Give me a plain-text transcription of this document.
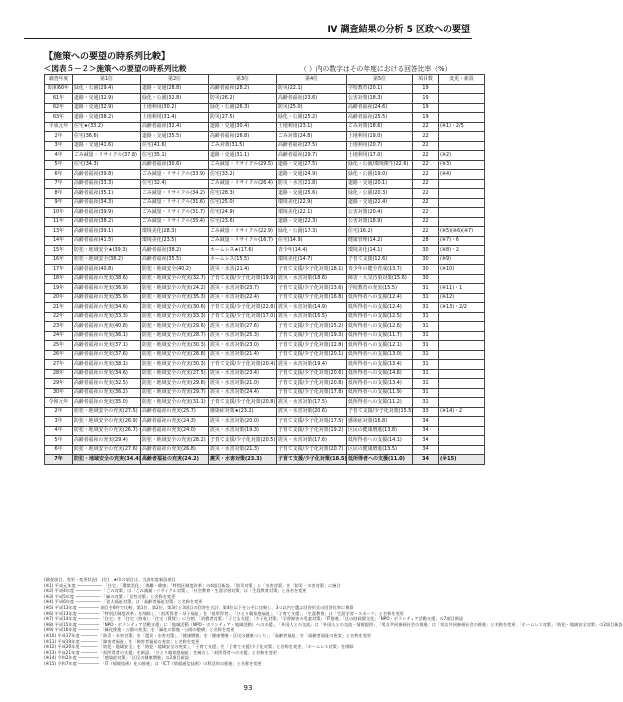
Ⅳ 調査結果の分析 5 区政への要望
【施策への要望の時系列比較】
＜図表５－２＞施策への要望の時系列比較	（ ）内の数字はその年度における回答比率（%）
調査年度	第1位	第2位	第3位	第4位	第5位	項目数	変更・新設
昭和60年	緑化・公園(29.4)	道路・交通(28.8)	高齢者福祉(28.2)	防災(22.1)	学校教育(20.1)	19	
61年	道路・交通(32.9)	緑化・公園(32.8)	防災(26.2)	高齢者福祉(23.6)	公害対策(18.3)	19	
62年	道路・交通(32.9)	土地利用(30.2)	緑化・公園(26.3)	防災(25.0)	高齢者福祉(24.6)	19	
63年	道路・交通(38.2)	土地利用(31.4)	防災(27.5)	緑化・公園(25.2)	高齢者福祉(25.5)	19	
平成元年	住宅★(33.2)	高齢者福祉(32.4)	道路・交通(30.4)	土地利用(23.1)	ごみ対策(18.6)	22	(※1)・2/5
2年	住宅(36.6)	道路・交通(35.5)	高齢者福祉(26.8)	ごみ対策(24.8)	土地利用(19.0)	22	
3年	道路・交通(41.6)	住宅(41.6)	ごみ対策(31.5)	高齢者福祉(27.5)	土地利用(20.7)	22	
4年	ごみ減量・リサイクル(37.8)	住宅(35.1)	道路・交通(31.1)	高齢者福祉(29.7)	土地利用(17.0)	22	(※2)
5年	住宅(34.3)	高齢者福祉(30.6)	ごみ減量・リサイクル(29.5)	道路・交通(27.5)	緑化・公園/環境衛生(22.6)	22	(※3)
6年	高齢者福祉(39.8)	ごみ減量・リサイクル(33.9)	住宅(33.2)	道路・交通(24.9)	緑化・公園(19.0)	22	(※4)
7年	高齢者福祉(33.3)	住宅(32.4)	ごみ減量・リサイクル(26.4)	防災・水害(21.8)	道路・交通(20.1)	22	
8年	高齢者福祉(35.1)	ごみ減量・リサイクル(34.2)	住宅(28.3)	道路・交通(25.6)	緑化・公園(20.3)	22	
9年	高齢者福祉(34.3)	ごみ減量・リサイクル(31.6)	住宅(25.0)	環境美化(22.9)	道路・交通(22.4)	22	
10年	高齢者福祉(39.9)	ごみ減量・リサイクル(31.7)	住宅(24.9)	環境美化(22.1)	公害対策(20.4)	22	
11年	高齢者福祉(38.2)	ごみ減量・リサイクル(35.4)	住宅(23.6)	道路・交通(22.3)	公害対策(18.9)	22	
13年	高齢者福祉(39.1)	環境美化(28.3)	ごみ減量・リサイクル(22.9)	緑化・公園(17.3)	住宅(16.2)	22	(※5)(※6)(※7)
14年	高齢者福祉(41.5)	環境美化(23.5)	ごみ減量・リサイクル(16.7)	住宅(14.9)	健康管理(14.2)	28	(※7)・6
15年	防犯・地域安全★(39.3)	高齢者福祉(38.2)	ホームレス★(17.6)	青少年(14.4)	環境美化(14.1)	30	(※8)・2
16年	防犯・地域安全(38.2)	高齢者福祉(35.5)	ホームレス(15.5)	環境美化(14.7)	子育て支援(12.6)	30	(※9)
17年	高齢者福祉(40.8)	防犯・地域安全(40.2)	震災・水害(21.4)	子育て支援/少子化対策(18.1)	青少年の健全育成(13.7)	30	(※10)
18年	高齢者福祉の充実(38.6)	防犯・地域安全の充実(32.7)	子育て支援/少子化対策(19.9)	震災・水害対策(18.6)	障害・大気汚染対策(15.6)	30	
19年	高齢者福祉の充実(36.9)	防犯・地域安全の充実(24.2)	震災・水害対策(23.7)	子育て支援/少子化対策(13.6)	学校教育の充実(15.5)	31	(※11)・1
20年	高齢者福祉の充実(35.9)	防犯・地域安全の充実(35.3)	震災・水害対策(22.4)	子育て支援/少子化対策(16.8)	低所得者への支援(12.4)	31	(※12)
21年	高齢者福祉の充実(34.6)	防犯・地域安全の充実(30.6)	子育て支援/少子化対策(22.8)	震災・水害対策(14.9)	低所得者への支援(12.4)	31	(※13)・2/2
22年	高齢者福祉の充実(33.3)	防犯・地域安全の充実(33.3)	子育て支援/少子化対策(17.0)	震災・水害対策(15.5)	低所得者への支援(12.5)	31	
23年	高齢者福祉の充実(40.8)	防犯・地域安全の充実(29.6)	震災・水害対策(27.6)	子育て支援/少子化対策(15.2)	低所得者への支援(12.6)	31	
24年	高齢者福祉の充実(36.1)	防犯・地域安全の充実(28.7)	震災・水害対策(25.3)	子育て支援/少子化対策(19.3)	低所得者への支援(11.7)	31	
25年	高齢者福祉の充実(37.1)	防犯・地域安全の充実(30.3)	震災・水害対策(23.0)	子育て支援/少子化対策(12.8)	低所得者への支援(12.1)	31	
26年	高齢者福祉の充実(37.6)	防犯・地域安全の充実(28.8)	震災・水害対策(21.4)	子育て支援/少子化対策(20.1)	低所得者への支援(13.0)	31	
27年	高齢者福祉の充実(38.1)	防犯・地域安全の充実(30.3)	子育て支援/少子化対策(20.4)	震災・水害対策(19.4)	低所得者への支援(13.4)	31	
28年	高齢者福祉の充実(34.6)	防犯・地域安全の充実(27.5)	震災・水害対策(23.4)	子育て支援/少子化対策(20.6)	低所得者への支援(14.6)	31	
29年	高齢者福祉の充実(32.5)	防犯・地域安全の充実(29.8)	震災・水害対策(21.0)	子育て支援/少子化対策(20.8)	低所得者への支援(13.4)	31	
30年	高齢者福祉の充実(36.2)	防犯・地域安全の充実(29.7)	震災・水害対策(24.4)	子育て支援/少子化対策(17.8)	低所得者への支援(11.9)	31	
令和元年	高齢者福祉の充実(35.0)	防犯・地域安全の充実(31.1)	子育て支援/少子化対策(20.8)	震災・水害対策(17.5)	低所得者への支援(11.2)	31	
2年	防犯・地域安全の充実(27.5)	高齢者福祉の充実(25.7)	感染症対策★(23.2)	震災・水害対策(20.6)	子育て支援/少子化対策(15.5)	33	(※14)・2
3年	防犯・地域安全の充実(26.9)	高齢者福祉の充実(24.3)	震災・水害対策(20.0)	子育て支援/少子化対策(17.5)	感染症対策(16.8)	34	
4年	防犯・地域安全の充実(26.7)	高齢者福祉の充実(24.0)	震災・水害対策(19.3)	子育て支援/少子化対策(19.2)	区民の健康増進(13.8)	34	
5年	高齢者福祉の充実(29.4)	防犯・地域安全の充実(28.2)	子育て支援/少子化対策(20.5)	震災・水害対策(17.6)	低所得者への支援(14.1)	34	
6年	防犯・地域安全の充実(27.6)	高齢者福祉の充実(26.8)	震災・水害対策(21.3)	子育て支援/少子化対策(20.7)	区民の健康増進(13.5)	34	
7年	防犯・地域安全の充実(34.4)	高齢者福祉の充実(24.2)	震災・水害対策(23.3)	子育て支援/少子化対策(18.5)	低所得者への支援(11.0)	34	(※15)
(調査項目、変更・変更状況)　(注)　★印の項目は、当該年度新設項目
(※1) 平成元年度 ―――――― 「住宅」「環境美化」「海難・健康」「特別区制度改革」の4項目新設、「防災対策」と「水害対策」を「防災・水害対策」に統合
(※2) 平成4年度 ―――――― 「ごみ対策」は「ごみ減量・リサイクル対策」、「社会教育・生涯学習対策」は「生涯教育対策」と各名を変更
(※3) 平成5年度 ―――――― 「緑の対策」「女性対策」と名称を変更
(※4) 平成6年度 ―――――― 「老人福祉対策」は「高齢者福祉対策」と名称を変更
(※5) 平成13年度 ――――― 項目を8件で比較、第1位、第2位、第3位と3項目の回答を合計、第4位以下を公平に比較し、3つ以内で選ぶ回答形式の回答比率に換算
(※6) 平成13年度 ――――― 「特別区制度改革」を削除し、「低所得者・母子福祉」を「低所得者」、「ひとり親家庭福祉」、「子育て支援」、「生涯教育」は「生涯学習・スポーツ」と名称を変更
(※7) 平成14年度 ――――― 「住宅」を「住宅（持家）」「住宅（賃貸）」に分割、「消費者対策」「子ども支援」「少子化対策」「学習障害の児童対策」「IT推進」「区の財政健全化」「NPO・ボランティア活動支援」の7項目新設
(※8) 平成15年度 ――――― 「NPO・ボランティア活動支援」に「地域活動（NPO・ボランティア・地域活動）への支援」、「外国人との交流」は「外国人との交流・情報提供」、「男女共同参画社会の推進」は「男女共同参画社会の推進」と名称を変更、「ホームレス対策」「防犯・地域安全対策」の2項目新設
(※9) 平成16年度 ――――― 「緑化推進・公園の充実」を「緑化の推進・公園の整備」と名称を変更
(※10) 平成17年度 ―――― 「防災・水害対策」を「震災・水害対策」、「健康増進」を「健康増進・区民の健康づくり」、「高齢者福祉」を「高齢者福祉の充実」と名称を変更
(※11) 平成19年度 ―――― 「障害者福祉」を「障害者福祉の充実」と名称を変更
(※12) 平成20年度 ―――― 「防犯・地域安全」を「防犯・地域安全の充実」、「子育て支援」を「子育て支援/少子化対策」と名称を変更、「ホームレス対策」を削除
(※13) 平成21年度 ―――― 「低所得者の支援」を新設、「ひとり親家庭福祉」を統合し「低所得者への支援」と名称を変更
(※14) 令和2年度 ――――― 「感染症対策」「区民の健康増進」の2項目新設
(※15) 令和7年度 ――――― 「IT（情報技術）化の推進」は「ICT（情報通信技術）の利活用の推進」と名称を変更
93
